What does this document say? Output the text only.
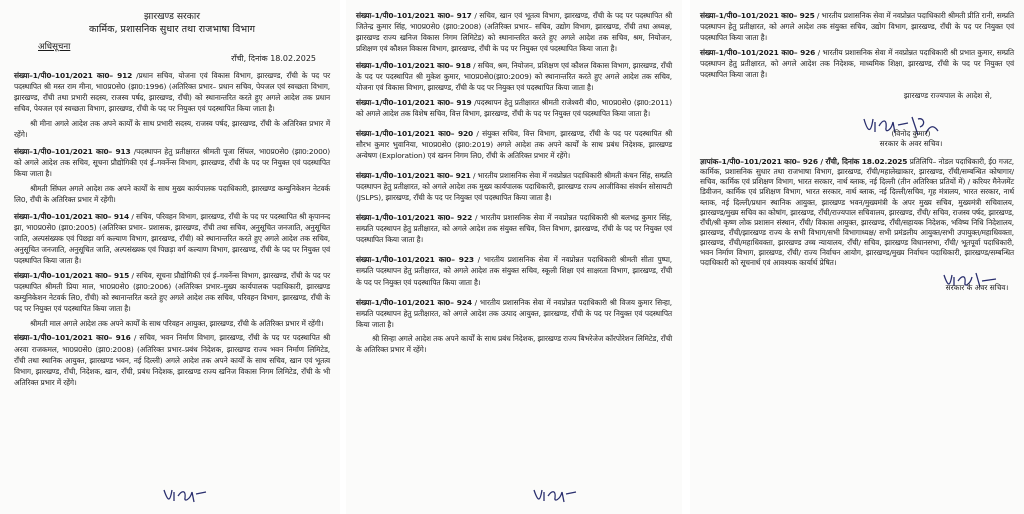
झारखण्ड सरकार
कार्मिक, प्रशासनिक सुधार तथा राजभाषा विभाग
अधिसूचना
राँची, दिनांक 18.02.2025

संख्या–1/पी0–101/2021 का0– 912 /प्रधान सचिव, योजना एवं विकास विभाग, झारखण्ड, राँची के पद पर पदस्थापित श्री मस्त राम मीना, भा0प्र0से0 (झा0:1996) (अतिरिक्त प्रभार– प्रधान सचिव, पेयजल एवं स्वच्छता विभाग, झारखण्ड, राँची तथा प्रभारी सदस्य, राजस्व पर्षद, झारखण्ड, राँची) को स्थानान्तरित करते हुए अगले आदेश तक प्रधान सचिव, पेयजल एवं स्वच्छता विभाग, झारखण्ड, राँची के पद पर नियुक्त एवं पदस्थापित किया जाता है।

श्री मीना अगले आदेश तक अपने कार्यों के साथ प्रभारी सदस्य, राजस्व पर्षद, झारखण्ड, राँची के अतिरिक्त प्रभार में रहेंगे।

संख्या–1/पी0–101/2021 का0– 913 /पदस्थापन हेतु प्रतीक्षारत श्रीमती पूजा सिंघल, भा0प्र0से0 (झा0:2000) को अगले आदेश तक सचिव, सूचना प्रौद्योगिकी एवं ई–गवर्नेन्स विभाग, झारखण्ड, राँची के पद पर नियुक्त एवं पदस्थापित किया जाता है।

श्रीमती सिंघल अगले आदेश तक अपने कार्यों के साथ मुख्य कार्यपालक पदाधिकारी, झारखण्ड कम्युनिकेशन नेटवर्क लि0, राँची के अतिरिक्त प्रभार में रहेंगी।

संख्या–1/पी0–101/2021 का0– 914 / सचिव, परिवहन विभाग, झारखण्ड, राँची के पद पर पदस्थापित श्री कृपानन्द झा, भा0प्र0से0 (झा0:2005) (अतिरिक्त प्रभार– प्रशासक, झारखण्ड, राँची तथा सचिव, अनुसूचित जनजाति, अनुसूचित जाति, अल्पसंख्यक एवं पिछड़ा वर्ग कल्याण विभाग, झारखण्ड, राँची) को स्थानान्तरित करते हुए अगले आदेश तक सचिव, अनुसूचित जनजाति, अनुसूचित जाति, अल्पसंख्यक एवं पिछड़ा वर्ग कल्याण विभाग, झारखण्ड, राँची के पद पर नियुक्त एवं पदस्थापित किया जाता है।

संख्या–1/पी0–101/2021 का0– 915 / सचिव, सूचना प्रौद्योगिकी एवं ई–गवर्नेन्स विभाग, झारखण्ड, राँची के पद पर पदस्थापित श्रीमती प्रिया माल, भा0प्र0से0 (झा0:2006) (अतिरिक्त प्रभार–मुख्य कार्यपालक पदाधिकारी, झारखण्ड कम्युनिकेशन नेटवर्क लि0, राँची) को स्थानान्तरित करते हुए अगले आदेश तक सचिव, परिवहन विभाग, झारखण्ड, राँची के पद पर नियुक्त एवं पदस्थापित किया जाता है।

श्रीमती माल अगले आदेश तक अपने कार्यों के साथ परिवहन आयुक्त, झारखण्ड, राँची के अतिरिक्त प्रभार में रहेंगी।

संख्या–1/पी0–101/2021 का0– 916 / सचिव, भवन निर्माण विभाग, झारखण्ड, राँची के पद पर पदस्थापित श्री अरवा राजकमल, भा0प्र0से0 (झा0:2008) (अतिरिक्त प्रभार–प्रबंध निदेशक, झारखण्ड राज्य भवन निर्माण लिमिटेड, राँची तथा स्थानिक आयुक्त, झारखण्ड भवन, नई दिल्ली) अगले आदेश तक अपने कार्यों के साथ सचिव, खान एवं भूतत्व विभाग, झारखण्ड, राँची, निदेशक, खान, राँची, प्रबंध निदेशक, झारखण्ड राज्य खनिज विकास निगम लिमिटेड, राँची के भी अतिरिक्त प्रभार में रहेंगे।

संख्या–1/पी0–101/2021 का0– 917 / सचिव, खान एवं भूतत्व विभाग, झारखण्ड, राँची के पद पर पदस्थापित श्री जितेन्द्र कुमार सिंह, भा0प्र0से0 (झा0:2008) (अतिरिक्त प्रभार– सचिव, उद्योग विभाग, झारखण्ड, राँची तथा अध्यक्ष, झारखण्ड राज्य खनिज विकास निगम लिमिटेड) को स्थानान्तरित करते हुए अगले आदेश तक सचिव, श्रम, नियोजन, प्रशिक्षण एवं कौशल विकास विभाग, झारखण्ड, राँची के पद पर नियुक्त एवं पदस्थापित किया जाता है।

संख्या–1/पी0–101/2021 का0– 918 / सचिव, श्रम, नियोजन, प्रशिक्षण एवं कौशल विकास विभाग, झारखण्ड, राँची के पद पर पदस्थापित श्री मुकेश कुमार, भा0प्र0से0(झा0:2009) को स्थानान्तरित करते हुए अगले आदेश तक सचिव, योजना एवं विकास विभाग, झारखण्ड, राँची के पद पर नियुक्त एवं पदस्थापित किया जाता है।

संख्या–1/पी0–101/2021 का0– 919 /पदस्थापन हेतु प्रतीक्षारत श्रीमती राजेश्वरी बी0, भा0प्र0से0 (झा0:2011) को अगले आदेश तक विशेष सचिव, वित्त विभाग, झारखण्ड, राँची के पद पर नियुक्त एवं पदस्थापित किया जाता है।

संख्या–1/पी0–101/2021 का0– 920 / संयुक्त सचिव, वित्त विभाग, झारखण्ड, राँची के पद पर पदस्थापित श्री सौरभ कुमार भुवानिया, भा0प्र0से0 (झा0:2019) अगले आदेश तक अपने कार्यों के साथ प्रबंध निदेशक, झारखण्ड अन्वेषण (Exploration) एवं खनन निगम लि0, राँची के अतिरिक्त प्रभार में रहेंगे।

संख्या–1/पी0–101/2021 का0– 921 / भारतीय प्रशासनिक सेवा में नवप्रोन्नत पदाधिकारी श्रीमती कंचन सिंह, सम्प्रति पदस्थापन हेतु प्रतीक्षारत, को अगले आदेश तक मुख्य कार्यपालक पदाधिकारी, झारखण्ड राज्य आजीविका संवर्धन सोसायटी (JSLPS), झारखण्ड, राँची के पद पर नियुक्त एवं पदस्थापित किया जाता है।

संख्या–1/पी0–101/2021 का0– 922 / भारतीय प्रशासनिक सेवा में नवप्रोन्नत पदाधिकारी श्री बलभद्र कुमार सिंह, सम्प्रति पदस्थापन हेतु प्रतीक्षारत, को अगले आदेश तक संयुक्त सचिव, वित्त विभाग, झारखण्ड, राँची के पद पर नियुक्त एवं पदस्थापित किया जाता है।

संख्या–1/पी0–101/2021 का0– 923 / भारतीय प्रशासनिक सेवा में नवप्रोन्नत पदाधिकारी श्रीमती सीता पुष्पा, सम्प्रति पदस्थापन हेतु प्रतीक्षारत, को अगले आदेश तक संयुक्त सचिव, स्कूली शिक्षा एवं साक्षरता विभाग, झारखण्ड, राँची के पद पर नियुक्त एवं पदस्थापित किया जाता है।

संख्या–1/पी0–101/2021 का0– 924 / भारतीय प्रशासनिक सेवा में नवप्रोन्नत पदाधिकारी श्री विजय कुमार सिन्हा, सम्प्रति पदस्थापन हेतु प्रतीक्षारत, को अगले आदेश तक उत्पाद आयुक्त, झारखण्ड, राँची के पद पर नियुक्त एवं पदस्थापित किया जाता है।

श्री सिन्हा अगले आदेश तक अपने कार्यों के साथ प्रबंध निदेशक, झारखण्ड राज्य बिभरेजेज कॉरपोरेशन लिमिटेड, राँची के अतिरिक्त प्रभार में रहेंगे।

संख्या–1/पी0–101/2021 का0– 925 / भारतीय प्रशासनिक सेवा में नवप्रोन्नत पदाधिकारी श्रीमती प्रीति रानी, सम्प्रति पदस्थापन हेतु प्रतीक्षारत, को अगले आदेश तक संयुक्त सचिव, उद्योग विभाग, झारखण्ड, राँची के पद पर नियुक्त एवं पदस्थापित किया जाता है।

संख्या–1/पी0–101/2021 का0– 926 / भारतीय प्रशासनिक सेवा में नवप्रोन्नत पदाधिकारी श्री प्रभात कुमार, सम्प्रति पदस्थापन हेतु प्रतीक्षारत, को अगले आदेश तक निदेशक, माध्यमिक शिक्षा, झारखण्ड, राँची के पद पर नियुक्त एवं पदस्थापित किया जाता है।

झारखण्ड राज्यपाल के आदेश से,
(विनोद कुमार)
सरकार के अवर सचिव।

ज्ञापांक–1/पी0–101/2021 का0– 926 / राँची, दिनांक 18.02.2025 प्रतिलिपि– नोडल पदाधिकारी, ई0 गजट, कार्मिक, प्रशासनिक सुधार तथा राजभाषा विभाग, झारखण्ड, राँची/महालेखाकार, झारखण्ड, राँची/सम्बन्धित कोषागार/ सचिव, कार्मिक एवं प्रशिक्षण विभाग, भारत सरकार, नार्थ ब्लाक, नई दिल्ली (तीन अतिरिक्त प्रतियों में) / करियर मैनेजमेंट डिवीजन, कार्मिक एवं प्रशिक्षण विभाग, भारत सरकार, नार्थ ब्लाक, नई दिल्ली/सचिव, गृह मंत्रालय, भारत सरकार, नार्थ ब्लाक, नई दिल्ली/प्रधान स्थानिक आयुक्त, झारखण्ड भवन/मुख्यमंत्री के अपर मुख्य सचिव, मुख्यमंत्री सचिवालय, झारखण्ड/मुख्य सचिव का कोषांग, झारखण्ड, राँची/राज्यपाल सचिवालय, झारखण्ड, राँची/ सचिव, राजस्व पर्षद, झारखण्ड, राँची/श्री कृष्ण लोक प्रशासन संस्थान, राँची/ विकास आयुक्त, झारखण्ड, राँची/सहायक निदेशक, भविष्य निधि निदेशालय, झारखण्ड, राँची/झारखण्ड राज्य के सभी विभाग/सभी विभागाध्यक्ष/ सभी प्रमंडलीय आयुक्त/सभी उपायुक्त/महाधिवक्ता, झारखण्ड, राँची/महाधिवक्ता, झारखण्ड उच्च न्यायालय, राँची/ सचिव, झारखण्ड विधानसभा, राँची/ भूतपूर्वा पदाधिकारी, भवन निर्माण विभाग, झारखण्ड, राँची/ राज्य निर्वाचन आयोग, झारखण्ड/मुख्य निर्वाचन पदाधिकारी, झारखण्ड/सम्बन्धित पदाधिकारी को सूचनार्थ एवं आवश्यक कार्यार्थ प्रेषित।

सरकार के अवर सचिव।
